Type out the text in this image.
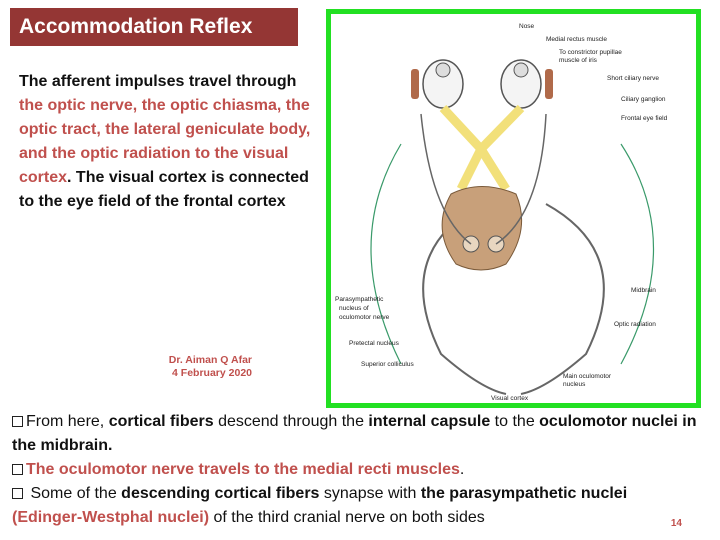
Accommodation Reflex
The afferent impulses travel through the optic nerve, the optic chiasma, the optic tract, the lateral geniculate body, and the optic radiation to the visual cortex. The visual cortex is connected to the eye field of the frontal cortex
Dr. Aiman Q Afar
4 February 2020
Nose
Medial rectus muscle
To constrictor pupillae
muscle of iris
Short ciliary nerve
Ciliary ganglion
Frontal eye field
Midbrain
Parasympathetic
nucleus of
oculomotor nerve
Optic radiation
Pretectal nucleus
Superior colliculus
Main oculomotor
nucleus
Visual cortex

From here, cortical fibers descend through the internal capsule to the oculomotor nuclei in the midbrain.

The oculomotor nerve travels to the medial recti muscles.

Some of the descending cortical fibers synapse with the parasympathetic nuclei
(Edinger-Westphal nuclei) of the third cranial nerve on both sides	14
